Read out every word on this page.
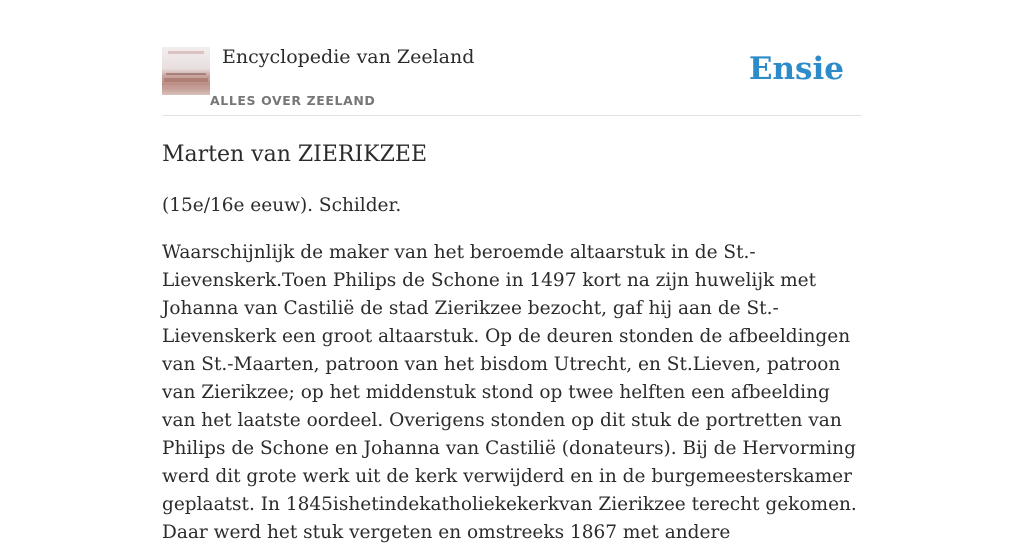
Encyclopedie van Zeeland
ALLES OVER ZEELAND
Ensie
Marten van ZIERIKZEE

(15e/16e eeuw). Schilder.

Waarschijnlijk de maker van het beroemde altaarstuk in de St.-Lievenskerk.Toen Philips de Schone in 1497 kort na zijn huwelijk met Johanna van Castilië de stad Zierikzee bezocht, gaf hij aan de St.-Lievenskerk een groot altaarstuk. Op de deuren stonden de afbeeldingen van St.-Maarten, patroon van het bisdom Utrecht, en St.Lieven, patroon van Zierikzee; op het middenstuk stond op twee helften een afbeelding van het laatste oordeel. Overigens stonden op dit stuk de portretten van Philips de Schone en Johanna van Castilië (donateurs). Bij de Hervorming werd dit grote werk uit de kerk verwijderd en in de burgemeesterskamer geplaatst. In 1845ishetindekatholiekekerkvan Zierikzee terecht gekomen. Daar werd het stuk vergeten en omstreeks 1867 met andere
